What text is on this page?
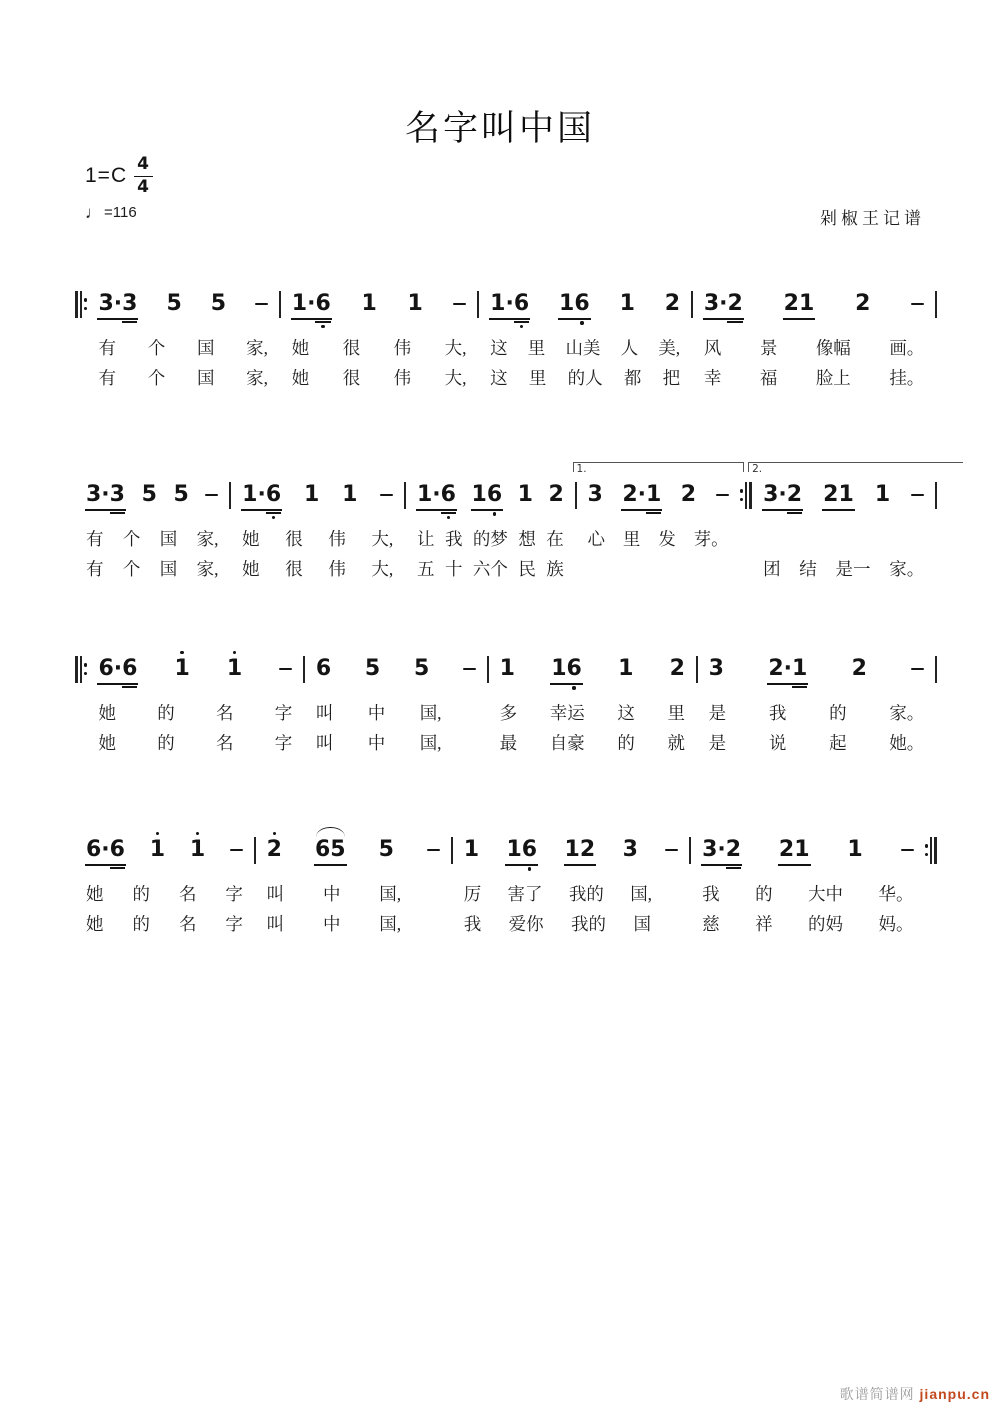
名字叫中国
$1=C \frac{4}{4}$
♩ =116	剁椒王记谱
3· 3 5 5	1· 6 1 1	1· 6 1 6 1 2 3· 2 2 1 2
有 个 国 家, 她 很 伟 大, 这 里 山美 人 美, 风 景 像幅 画。
有 个 国 家, 她 很 伟 大, 这 里 的人 都 把 幸 福 脸上 挂。
3· 3 5 5 1· 6 1 1	1· 6 1 6 1 2
1.
3 2· 1 2
2.
3· 2 2 1 1
有 个 国 家, 她 很 伟 大, 让 我 的梦 想 在 心 里 发 芽。
有 个 国 家, 她 很 伟 大, 五 十 六个 民 族	团 结 是一 家。
6· 6 1 1	6 5 5	1 1 6 1 2 3 2· 1 2
她 的 名 字 叫 中 国,	多 幸运 这 里 是 我 的 家。
她 的 名 字 叫 中 国,	最 自豪 的 就 是 说 起 她。
6· 6 1 1	2 6 5 5	1 1 6 1 2 3	3· 2 2 1 1
她 的 名 字 叫 中 国,	厉 害了 我的 国,	我 的 大中 华。
她 的 名 字 叫 中 国,	我 爱你 我的 国	慈 祥 的妈 妈。
歌谱简谱网 jianpu.cn
